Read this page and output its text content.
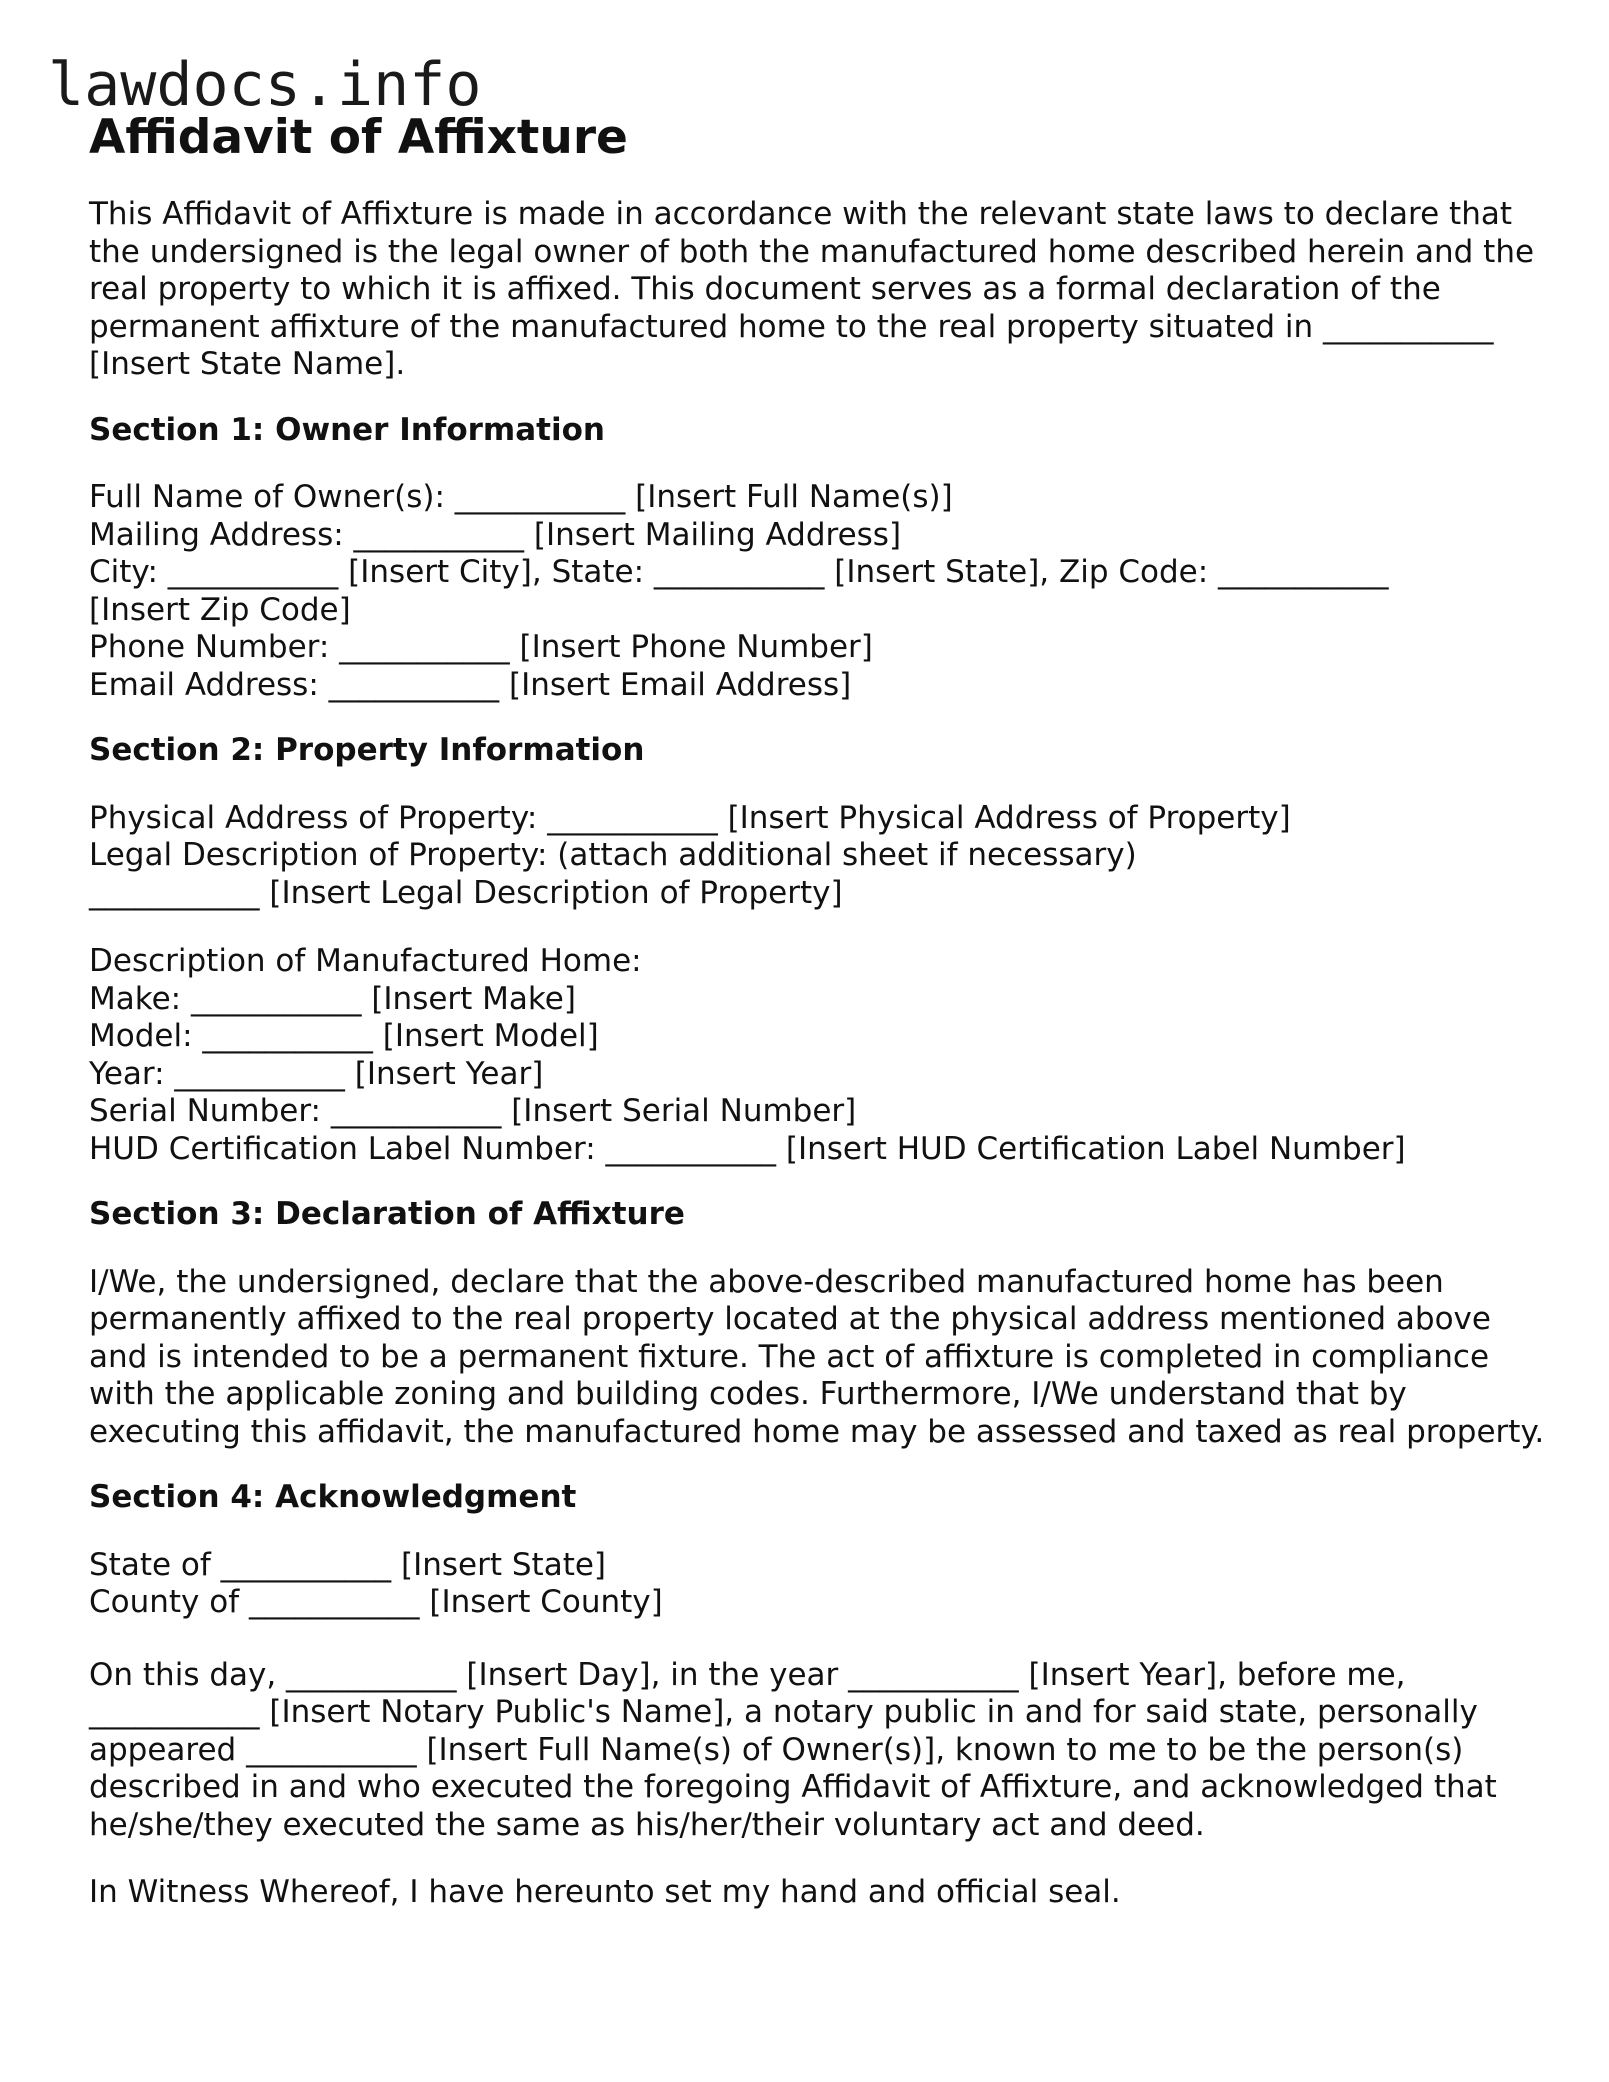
lawdocs.info
Affidavit of Affixture

This Affidavit of Affixture is made in accordance with the relevant state laws to declare that the undersigned is the legal owner of both the manufactured home described herein and the real property to which it is affixed. This document serves as a formal declaration of the permanent affixture of the manufactured home to the real property situated in ___________ [Insert State Name].

Section 1: Owner Information

Full Name of Owner(s): ___________ [Insert Full Name(s)]

Mailing Address: ___________ [Insert Mailing Address]

City: ___________ [Insert City], State: ___________ [Insert State], Zip Code: ___________

[Insert Zip Code]

Phone Number: ___________ [Insert Phone Number]

Email Address: ___________ [Insert Email Address]

Section 2: Property Information

Physical Address of Property: ___________ [Insert Physical Address of Property]

Legal Description of Property: (attach additional sheet if necessary)

___________ [Insert Legal Description of Property]

Description of Manufactured Home:

Make: ___________ [Insert Make]

Model: ___________ [Insert Model]

Year: ___________ [Insert Year]

Serial Number: ___________ [Insert Serial Number]

HUD Certification Label Number: ___________ [Insert HUD Certification Label Number]

Section 3: Declaration of Affixture

I/We, the undersigned, declare that the above-described manufactured home has been permanently affixed to the real property located at the physical address mentioned above and is intended to be a permanent fixture. The act of affixture is completed in compliance with the applicable zoning and building codes. Furthermore, I/We understand that by executing this affidavit, the manufactured home may be assessed and taxed as real property.

Section 4: Acknowledgment

State of ___________ [Insert State]

County of ___________ [Insert County]

On this day, ___________ [Insert Day], in the year ___________ [Insert Year], before me, ___________ [Insert Notary Public's Name], a notary public in and for said state, personally appeared ___________ [Insert Full Name(s) of Owner(s)], known to me to be the person(s) described in and who executed the foregoing Affidavit of Affixture, and acknowledged that he/she/they executed the same as his/her/their voluntary act and deed.

In Witness Whereof, I have hereunto set my hand and official seal.
